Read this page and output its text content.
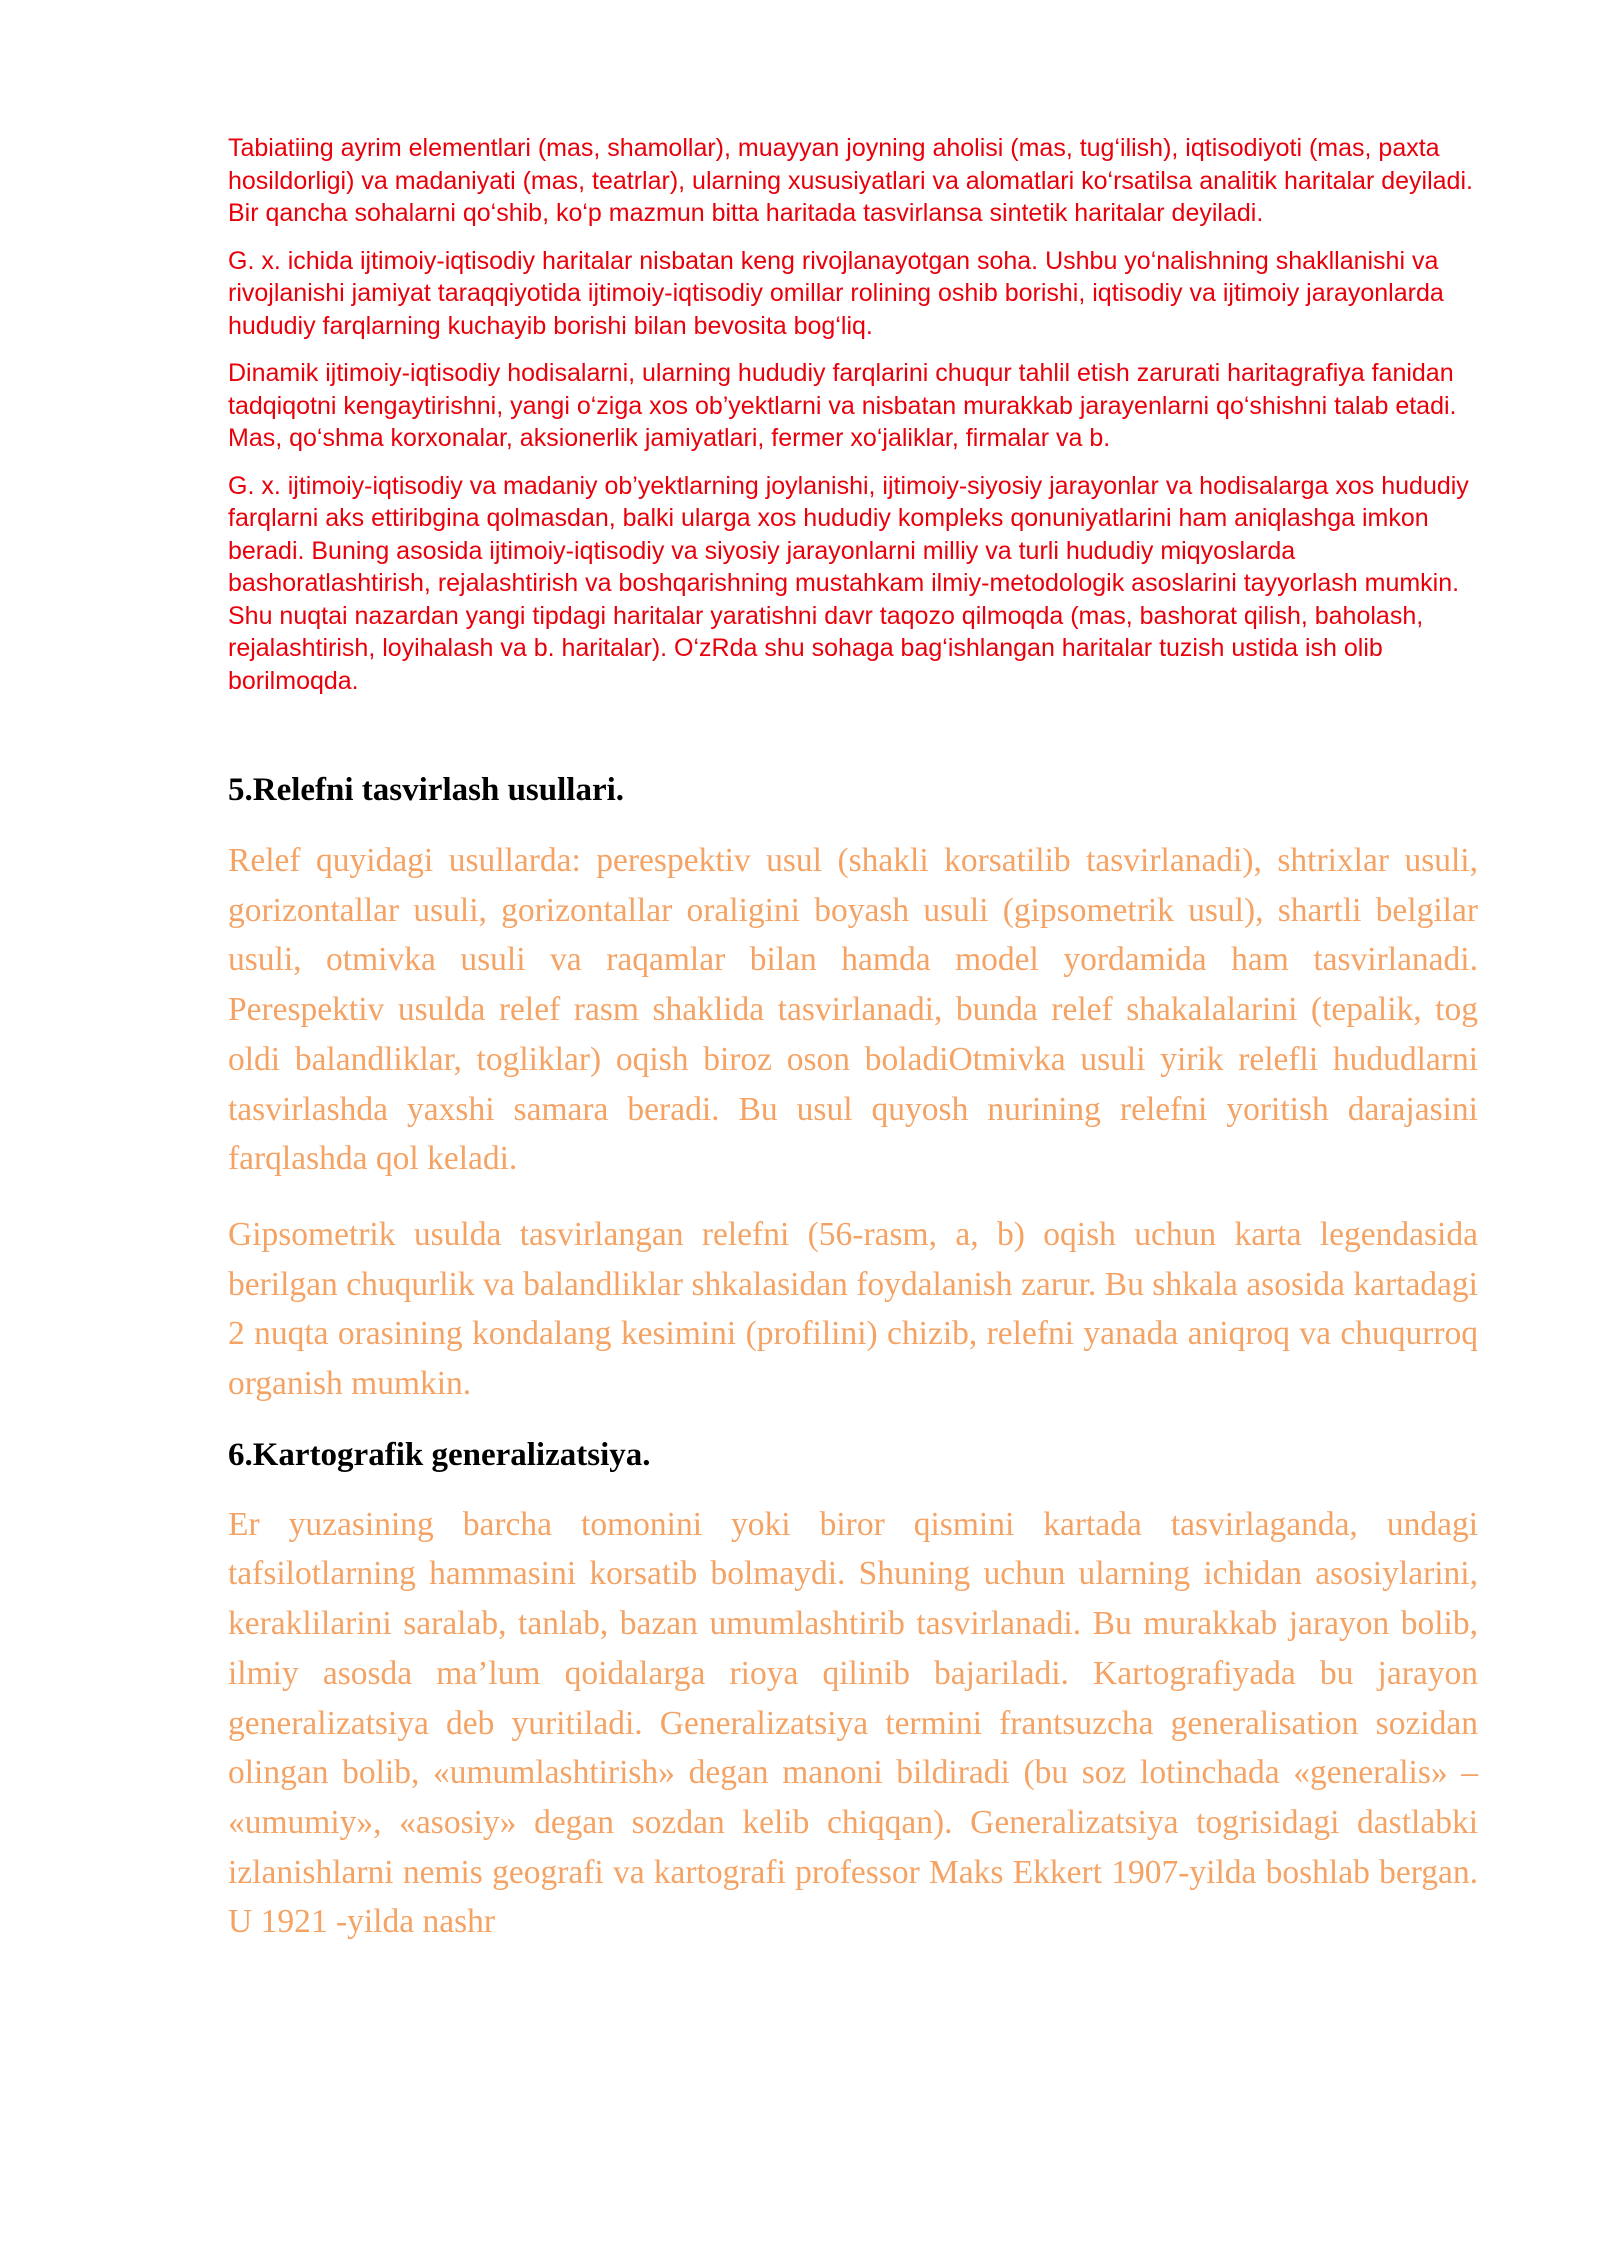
Tabiatiing ayrim elementlari (mas, shamollar), muayyan joyning aholisi (mas, tug‘ilish), iqtisodiyoti (mas, paxta hosildorligi) va madaniyati (mas, teatrlar), ularning xususiyatlari va alomatlari ko‘rsatilsa analitik haritalar deyiladi. Bir qancha sohalarni qo‘shib, ko‘p mazmun bitta haritada tasvirlansa sintetik haritalar deyiladi.

G. x. ichida ijtimoiy-iqtisodiy haritalar nisbatan keng rivojlanayotgan soha. Ushbu yo‘nalishning shakllanishi va rivojlanishi jamiyat taraqqiyotida ijtimoiy-iqtisodiy omillar rolining oshib borishi, iqtisodiy va ijtimoiy jarayonlarda hududiy farqlarning kuchayib borishi bilan bevosita bog‘liq.

Dinamik ijtimoiy-iqtisodiy hodisalarni, ularning hududiy farqlarini chuqur tahlil etish zarurati haritagrafiya fanidan tadqiqotni kengaytirishni, yangi o‘ziga xos ob’yektlarni va nisbatan murakkab jarayenlarni qo‘shishni talab etadi. Mas, qo‘shma korxonalar, aksionerlik jamiyatlari, fermer xo‘jaliklar, firmalar va b.

G. x. ijtimoiy-iqtisodiy va madaniy ob’yektlarning joylanishi, ijtimoiy-siyosiy jarayonlar va hodisalarga xos hududiy farqlarni aks ettiribgina qolmasdan, balki ularga xos hududiy kompleks qonuniyatlarini ham aniqlashga imkon beradi. Buning asosida ijtimoiy-iqtisodiy va siyosiy jarayonlarni milliy va turli hududiy miqyoslarda bashoratlashtirish, rejalashtirish va boshqarishning mustahkam ilmiy-metodologik asoslarini tayyorlash mumkin. Shu nuqtai nazardan yangi tipdagi haritalar yaratishni davr taqozo qilmoqda (mas, bashorat qilish, baholash, rejalashtirish, loyihalash va b. haritalar). O‘zRda shu sohaga bag‘ishlangan haritalar tuzish ustida ish olib borilmoqda.

5.Relefni tasvirlash usullari.

Relef quyidagi usullarda: perespektiv usul (shakli korsatilib tasvirlanadi), shtrixlar usuli, gorizontallar usuli, gorizontallar oraligini boyash usuli (gipsometrik usul), shartli belgilar usuli, otmivka usuli va raqamlar bilan hamda model yordamida ham tasvirlanadi. Perespektiv usulda relef rasm shaklida tasvirlanadi, bunda relef shakalalarini (tepalik, tog oldi balandliklar, togliklar) oqish biroz oson boladiOtmivka usuli yirik relefli hududlarni tasvirlashda yaxshi samara beradi. Bu usul quyosh nurining relefni yoritish darajasini farqlashda qol keladi.

Gipsometrik usulda tasvirlangan relefni (56-rasm, a, b) oqish uchun karta legendasida berilgan chuqurlik va balandliklar shkalasidan foydalanish zarur. Bu shkala asosida kartadagi 2 nuqta orasining kondalang kesimini (profilini) chizib, relefni yanada aniqroq va chuqurroq organish mumkin.

6.Kartografik generalizatsiya.

Er yuzasining barcha tomonini yoki biror qismini kartada tasvirlaganda, undagi tafsilotlarning hammasini korsatib bolmaydi. Shuning uchun ularning ichidan asosiylarini, keraklilarini saralab, tanlab, bazan umumlashtirib tasvirlanadi. Bu murakkab jarayon bolib, ilmiy asosda ma’lum qoidalarga rioya qilinib bajariladi. Kartografiyada bu jarayon generalizatsiya deb yuritiladi. Generalizatsiya termini frantsuzcha generalisation sozidan olingan bolib, «umumlashtirish» degan manoni bildiradi (bu soz lotinchada «generalis» – «umumiy», «asosiy» degan sozdan kelib chiqqan). Generalizatsiya togrisidagi dastlabki izlanishlarni nemis geografi va kartografi professor Maks Ekkert 1907-yilda boshlab bergan. U 1921 -yilda nashr
